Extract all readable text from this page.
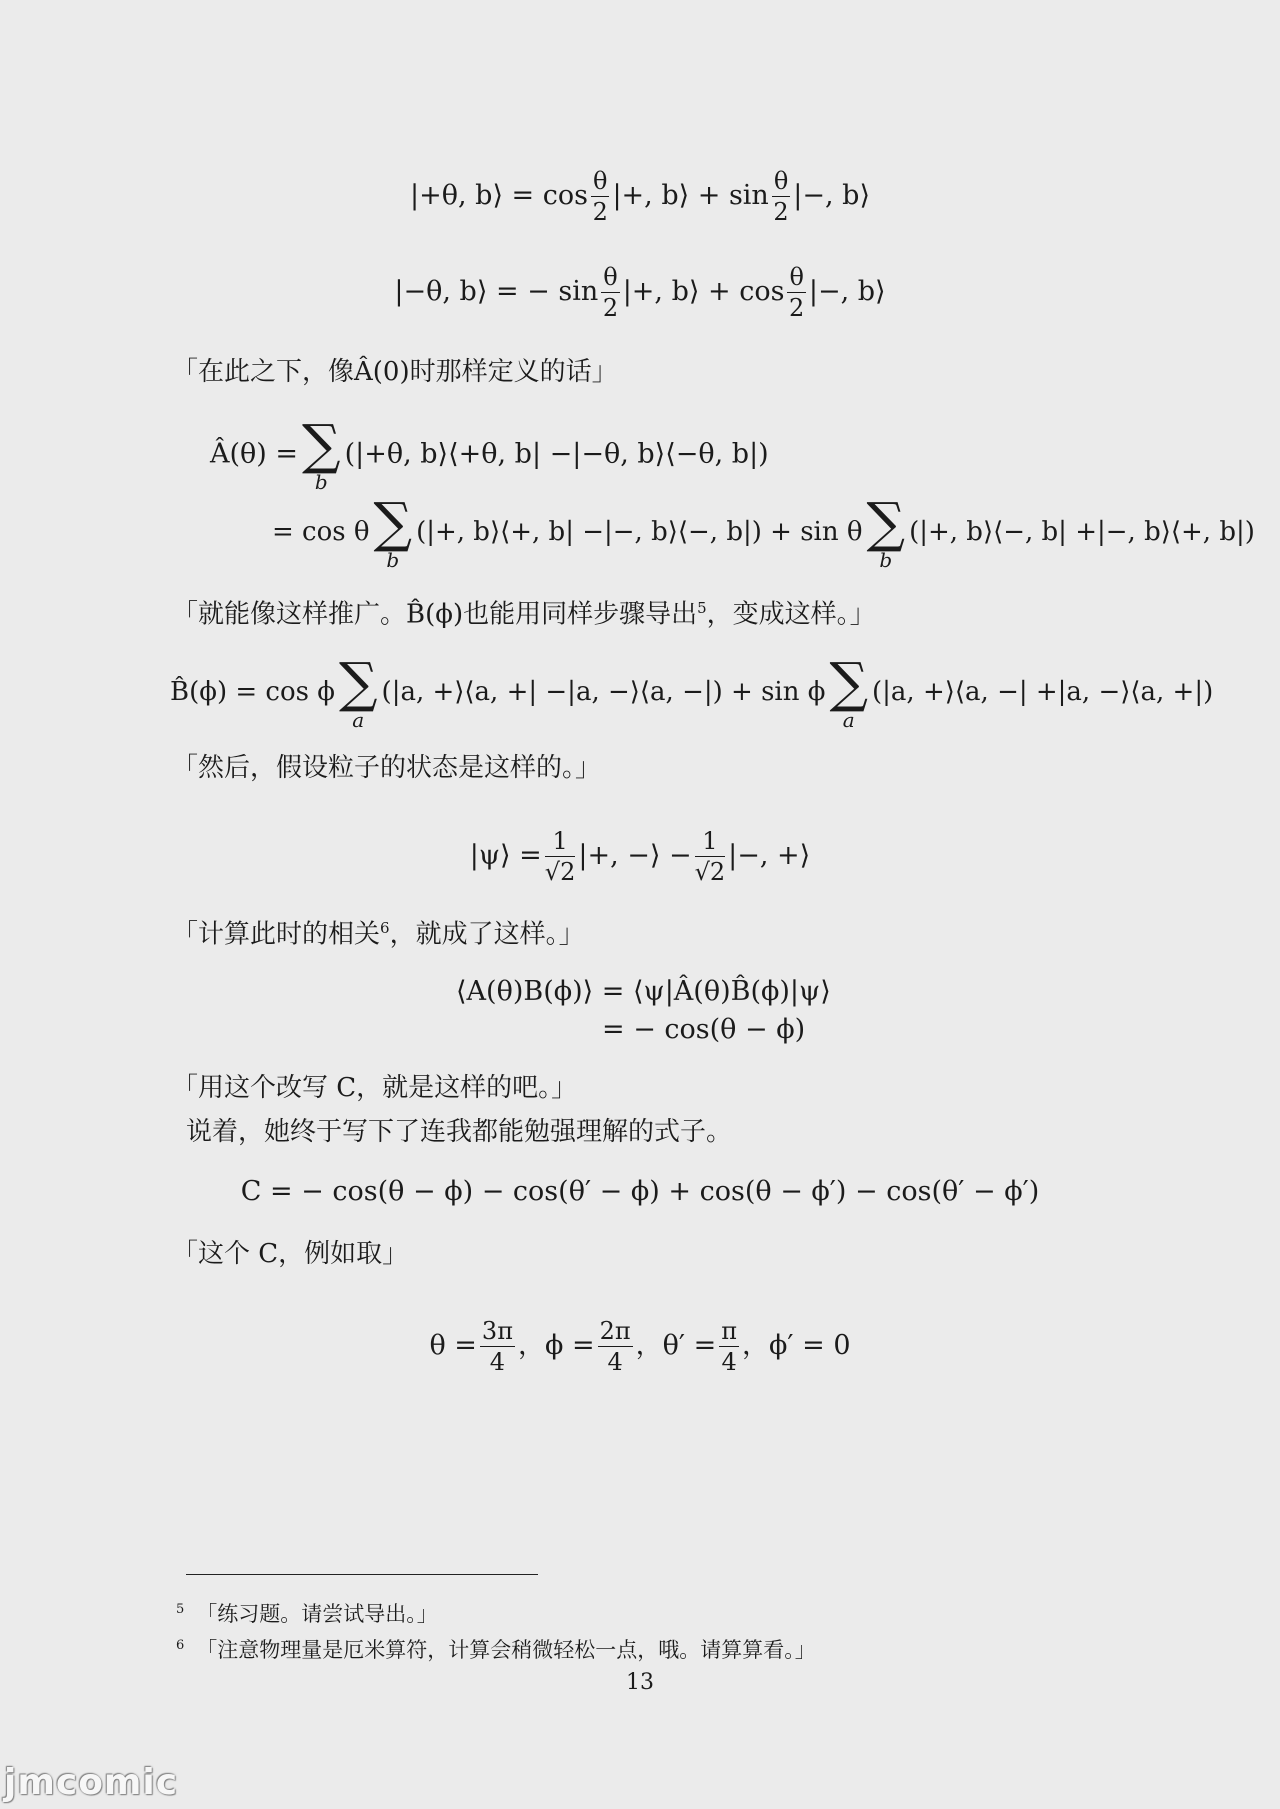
|+θ, b⟩ = $\cos \frac{\theta}{2}$ |+, b⟩ + $\sin \frac{\theta}{2}$ |−, b⟩
|−θ, b⟩ = − $\sin \frac{\theta}{2}$ |+, b⟩ + $\cos \frac{\theta}{2}$ |−, b⟩
「在此之下，像Â(0)时那样定义的话」
Â(θ) = ∑
b
(|+θ, b⟩⟨+θ, b| −|−θ, b⟩⟨−θ, b|)
= cos θ ∑
b
(|+, b⟩⟨+, b| −|−, b⟩⟨−, b|) + sin θ ∑
b
(|+, b⟩⟨−, b| +|−, b⟩⟨+, b|)
「就能像这样推广。B̂(ϕ)也能用同样步骤导出$^5$，变成这样。」
B̂(ϕ) = cos ϕ ∑
a
(|a, +⟩⟨a, +| −|a, −⟩⟨a, −|) + sin ϕ ∑
a
(|a, +⟩⟨a, −| +|a, −⟩⟨a, +|)
「然后，假设粒子的状态是这样的。」
|ψ⟩ = $\frac{1}{√2}$ |+, −⟩ − $\frac{1}{√2}$ |−, +⟩
「计算此时的相关$^6$，就成了这样。」
⟨A(θ)B(ϕ)⟩ = ⟨ψ|Â(θ)B̂(ϕ)|ψ⟩
= − cos(θ − ϕ)
「用这个改写 C，就是这样的吧。」
说着，她终于写下了连我都能勉强理解的式子。
C = − cos(θ − ϕ) − cos(θ′ − ϕ) + cos(θ − ϕ′) − cos(θ′ − ϕ′)
「这个 C，例如取」
$\theta = \frac{3\pi}{4}$ ，$\phi = \frac{2\pi}{4}$ ，$\theta' = \frac{\pi}{4}$ ，ϕ′ = 0
$^5$ 「练习题。请尝试导出。」
$^6$ 「注意物理量是厄米算符，计算会稍微轻松一点，哦。请算算看。」
13
jmcomic
